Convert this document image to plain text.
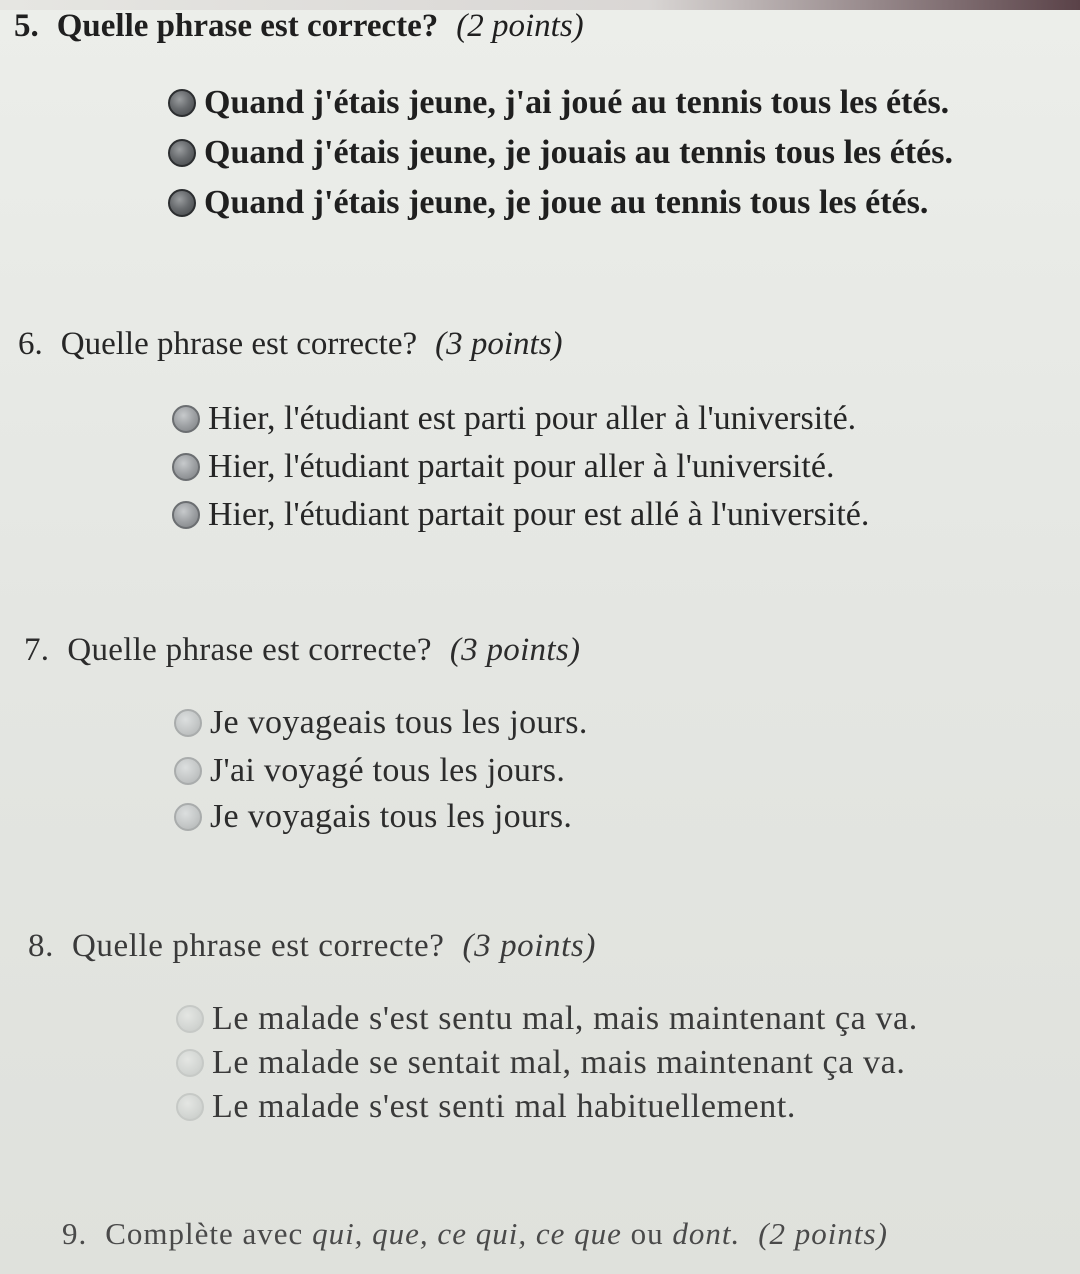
5. Quelle phrase est correcte? (2 points)
Quand j'étais jeune, j'ai joué au tennis tous les étés.
Quand j'étais jeune, je jouais au tennis tous les étés.
Quand j'étais jeune, je joue au tennis tous les étés.
6. Quelle phrase est correcte? (3 points)
Hier, l'étudiant est parti pour aller à l'université.
Hier, l'étudiant partait pour aller à l'université.
Hier, l'étudiant partait pour est allé à l'université.
7. Quelle phrase est correcte? (3 points)
Je voyageais tous les jours.
J'ai voyagé tous les jours.
Je voyagais tous les jours.
8. Quelle phrase est correcte? (3 points)
Le malade s'est sentu mal, mais maintenant ça va.
Le malade se sentait mal, mais maintenant ça va.
Le malade s'est senti mal habituellement.
9. Complète avec qui, que, ce qui, ce que ou dont. (2 points)
